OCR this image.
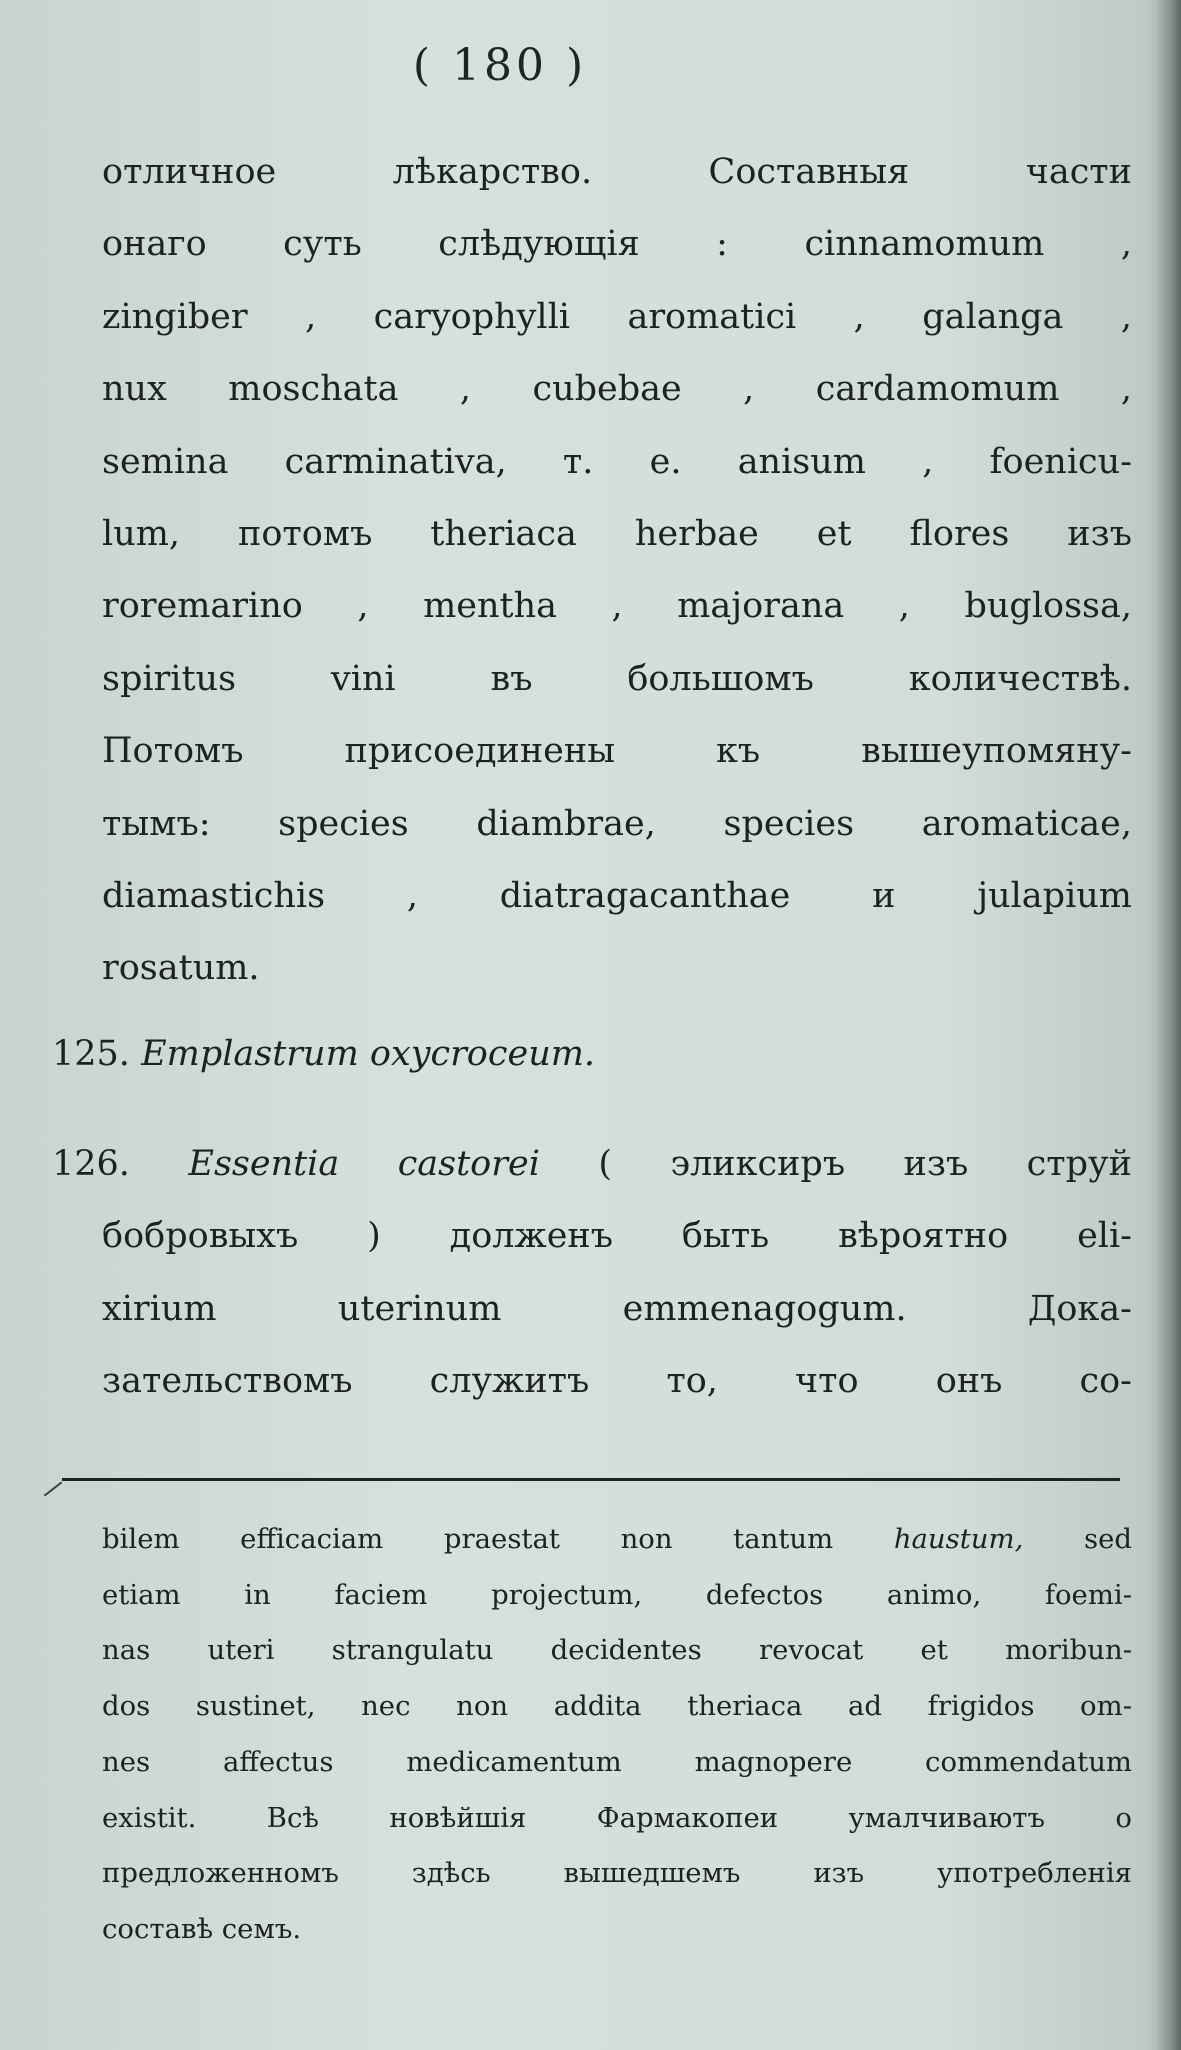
( 180 )
отличное лѣкарство. Составныя части
онаго суть слѣдующія : cinnamomum ,
zingiber , caryophylli aromatici , galanga ,
nux moschata , cubebae , cardamomum ,
semina carminativa, т. е. anisum , foenicu-
lum, потомъ theriaca herbae et flores изъ
roremarino , mentha , majorana , buglossa,
spiritus vini въ большомъ количествѣ.
Потомъ присоединены къ вышеупомяну-
тымъ: species diambrae, species aromaticae,
diamastichis , diatragacanthae и julapium
rosatum.
125. Emplastrum oxycroceum.
126. Essentia castorei ( эликсиръ изъ струй
бобровыхъ ) долженъ быть вѣроятно eli-
xirium uterinum emmenagogum. Дока-
зательствомъ служитъ то, что онъ со-
bilem efficaciam praestat non tantum haustum, sed
etiam in faciem projectum, defectos animo, foemi-
nas uteri strangulatu decidentes revocat et moribun-
dos sustinet, nec non addita theriaca ad frigidos om-
nes affectus medicamentum magnopere commendatum
existit. Всѣ новѣйшія Фармакопеи умалчиваютъ о
предложенномъ здѣсь вышедшемъ изъ употребленія
составѣ семъ.
